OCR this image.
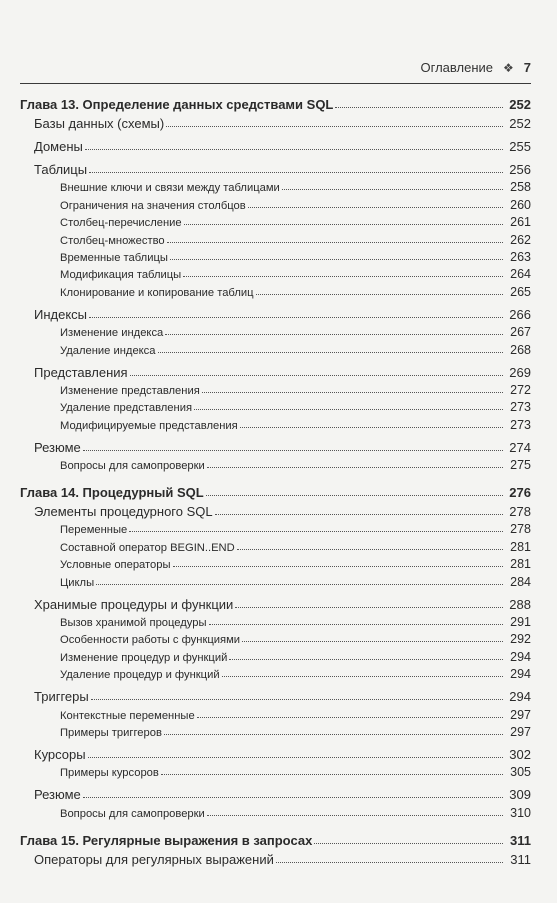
Оглавление ❖ 7
Глава 13. Определение данных средствами SQL	252
Базы данных (схемы)	252
Домены	255
Таблицы	256
Внешние ключи и связи между таблицами	258
Ограничения на значения столбцов	260
Столбец-перечисление	261
Столбец-множество	262
Временные таблицы	263
Модификация таблицы	264
Клонирование и копирование таблиц	265
Индексы	266
Изменение индекса	267
Удаление индекса	268
Представления	269
Изменение представления	272
Удаление представления	273
Модифицируемые представления	273
Резюме	274
Вопросы для самопроверки	275
Глава 14. Процедурный SQL	276
Элементы процедурного SQL	278
Переменные	278
Составной оператор BEGIN..END	281
Условные операторы	281
Циклы	284
Хранимые процедуры и функции	288
Вызов хранимой процедуры	291
Особенности работы с функциями	292
Изменение процедур и функций	294
Удаление процедур и функций	294
Триггеры	294
Контекстные переменные	297
Примеры триггеров	297
Курсоры	302
Примеры курсоров	305
Резюме	309
Вопросы для самопроверки	310
Глава 15. Регулярные выражения в запросах	311
Операторы для регулярных выражений	311
